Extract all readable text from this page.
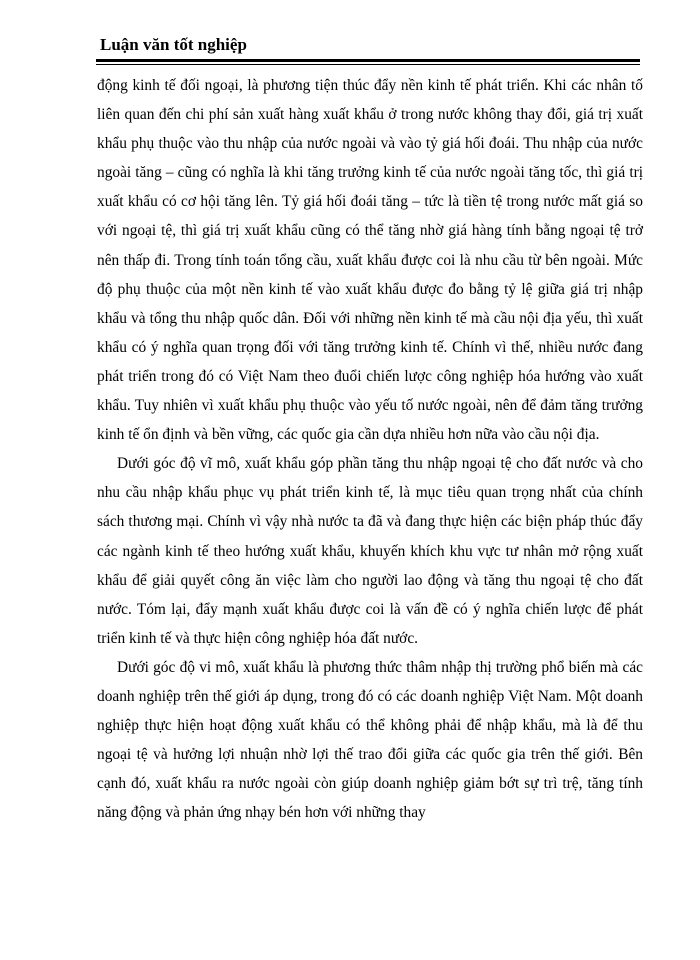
Luận văn tốt nghiệp

động kinh tế đối ngoại, là phương tiện thúc đẩy nền kinh tế phát triển. Khi các nhân tố liên quan đến chi phí sản xuất hàng xuất khẩu ở trong nước không thay đổi, giá trị xuất khẩu phụ thuộc vào thu nhập của nước ngoài và vào tỷ giá hối đoái. Thu nhập của nước ngoài tăng – cũng có nghĩa là khi tăng trưởng kinh tế của nước ngoài tăng tốc, thì giá trị xuất khẩu có cơ hội tăng lên. Tỷ giá hối đoái tăng – tức là tiền tệ trong nước mất giá so với ngoại tệ, thì giá trị xuất khẩu cũng có thể tăng nhờ giá hàng tính bằng ngoại tệ trở nên thấp đi. Trong tính toán tổng cầu, xuất khẩu được coi là nhu cầu từ bên ngoài. Mức độ phụ thuộc của một nền kinh tế vào xuất khẩu được đo bằng tỷ lệ giữa giá trị nhập khẩu và tổng thu nhập quốc dân. Đối với những nền kinh tế mà cầu nội địa yếu, thì xuất khẩu có ý nghĩa quan trọng đối với tăng trưởng kinh tế. Chính vì thế, nhiều nước đang phát triển trong đó có Việt Nam theo đuổi chiến lược công nghiệp hóa hướng vào xuất khẩu. Tuy nhiên vì xuất khẩu phụ thuộc vào yếu tố nước ngoài, nên để đảm tăng trưởng kinh tế ổn định và bền vững, các quốc gia cần dựa nhiều hơn nữa vào cầu nội địa.

Dưới góc độ vĩ mô, xuất khẩu góp phần tăng thu nhập ngoại tệ cho đất nước và cho nhu cầu nhập khẩu phục vụ phát triển kinh tế, là mục tiêu quan trọng nhất của chính sách thương mại. Chính vì vậy nhà nước ta đã và đang thực hiện các biện pháp thúc đẩy các ngành kinh tế theo hướng xuất khẩu, khuyến khích khu vực tư nhân mở rộng xuất khẩu để giải quyết công ăn việc làm cho người lao động và tăng thu ngoại tệ cho đất nước. Tóm lại, đẩy mạnh xuất khẩu được coi là vấn đề có ý nghĩa chiến lược để phát triển kinh tế và thực hiện công nghiệp hóa đất nước.

Dưới góc độ vi mô, xuất khẩu là phương thức thâm nhập thị trường phổ biến mà các doanh nghiệp trên thế giới áp dụng, trong đó có các doanh nghiệp Việt Nam. Một doanh nghiệp thực hiện hoạt động xuất khẩu có thể không phải để nhập khẩu, mà là để thu ngoại tệ và hưởng lợi nhuận nhờ lợi thế trao đổi giữa các quốc gia trên thế giới. Bên cạnh đó, xuất khẩu ra nước ngoài còn giúp doanh nghiệp giảm bớt sự trì trệ, tăng tính năng động và phản ứng nhạy bén hơn với những thay
